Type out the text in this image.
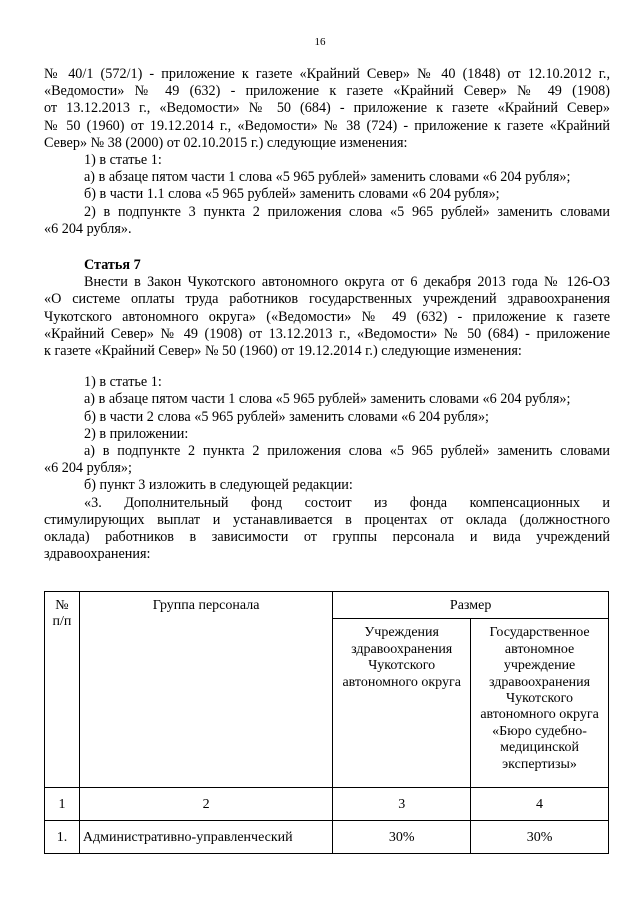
16

№ 40/1 (572/1) - приложение к газете «Крайний Север» № 40 (1848) от 12.10.2012 г.,

«Ведомости» № 49 (632) - приложение к газете «Крайний Север» № 49 (1908)

от 13.12.2013 г., «Ведомости» № 50 (684) - приложение к газете «Крайний Север»

№ 50 (1960) от 19.12.2014 г., «Ведомости» № 38 (724) - приложение к газете «Крайний

Север» № 38 (2000) от 02.10.2015 г.) следующие изменения:

1) в статье 1:

а) в абзаце пятом части 1 слова «5 965 рублей» заменить словами «6 204 рубля»;

б) в части 1.1 слова «5 965 рублей» заменить словами «6 204 рубля»;

2) в подпункте 3 пункта 2 приложения слова «5 965 рублей» заменить словами

«6 204 рубля».

Статья 7

Внести в Закон Чукотского автономного округа от 6 декабря 2013 года № 126-ОЗ

«О системе оплаты труда работников государственных учреждений здравоохранения

Чукотского автономного округа» («Ведомости» № 49 (632) - приложение к газете

«Крайний Север» № 49 (1908) от 13.12.2013 г., «Ведомости» № 50 (684) - приложение

к газете «Крайний Север» № 50 (1960) от 19.12.2014 г.) следующие изменения:

1) в статье 1:

а) в абзаце пятом части 1 слова «5 965 рублей» заменить словами «6 204 рубля»;

б) в части 2 слова «5 965 рублей» заменить словами «6 204 рубля»;

2) в приложении:

а) в подпункте 2 пункта 2 приложения слова «5 965 рублей» заменить словами

«6 204 рубля»;

б) пункт 3 изложить в следующей редакции:

«3. Дополнительный фонд состоит из фонда компенсационных и

стимулирующих выплат и устанавливается в процентах от оклада (должностного

оклада) работников в зависимости от группы персонала и вида учреждений

здравоохранения:

№ п/п	Группа персонала	Размер	
		Учреждения здравоохранения Чукотского автономного округа	Государственное автономное учреждение здравоохранения Чукотского автономного округа «Бюро судебно-медицинской экспертизы»
1	2	3	4
1.	Административно-управленческий	30%	30%
